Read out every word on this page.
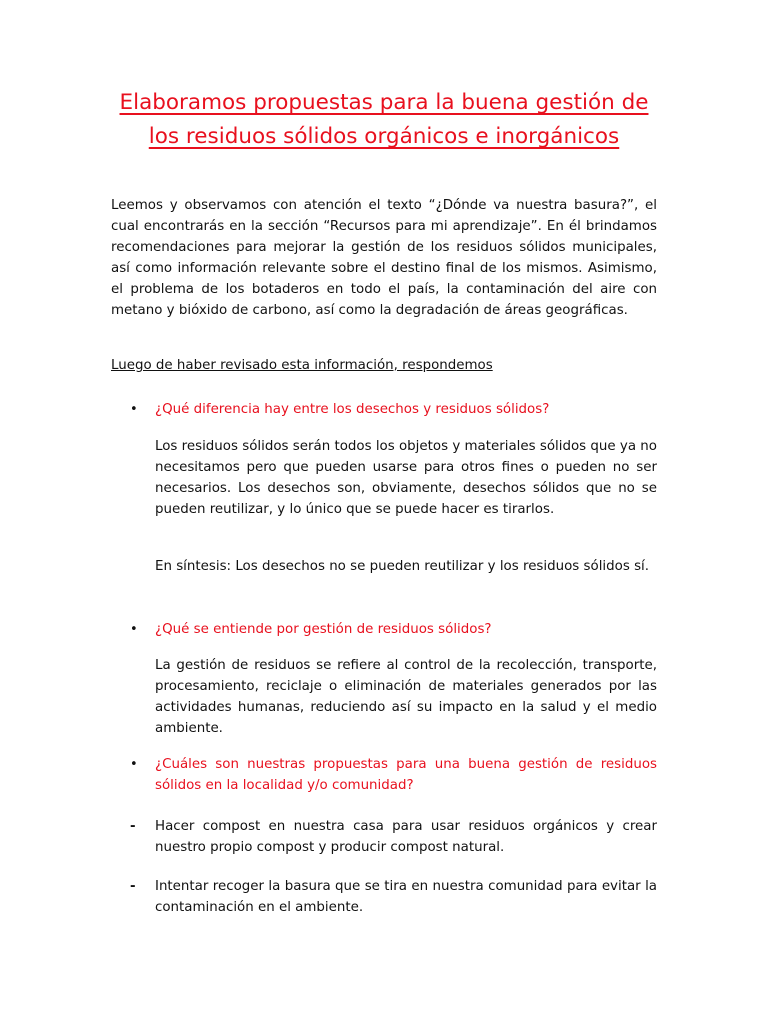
Elaboramos propuestas para la buena gestión de
los residuos sólidos orgánicos e inorgánicos

Leemos y observamos con atención el texto “¿Dónde va nuestra basura?”, el cual encontrarás en la sección “Recursos para mi aprendizaje”. En él brindamos recomendaciones para mejorar la gestión de los residuos sólidos municipales, así como información relevante sobre el destino final de los mismos. Asimismo, el problema de los botaderos en todo el país, la contaminación del aire con metano y bióxido de carbono, así como la degradación de áreas geográficas.

Luego de haber revisado esta información, respondemos

• ¿Qué diferencia hay entre los desechos y residuos sólidos?

Los residuos sólidos serán todos los objetos y materiales sólidos que ya no necesitamos pero que pueden usarse para otros fines o pueden no ser necesarios. Los desechos son, obviamente, desechos sólidos que no se pueden reutilizar, y lo único que se puede hacer es tirarlos.

En síntesis: Los desechos no se pueden reutilizar y los residuos sólidos sí.

• ¿Qué se entiende por gestión de residuos sólidos?

La gestión de residuos se refiere al control de la recolección, transporte, procesamiento, reciclaje o eliminación de materiales generados por las actividades humanas, reduciendo así su impacto en la salud y el medio ambiente.

• ¿Cuáles son nuestras propuestas para una buena gestión de residuos sólidos en la localidad y/o comunidad?

- Hacer compost en nuestra casa para usar residuos orgánicos y crear nuestro propio compost y producir compost natural.

- Intentar recoger la basura que se tira en nuestra comunidad para evitar la contaminación en el ambiente.
